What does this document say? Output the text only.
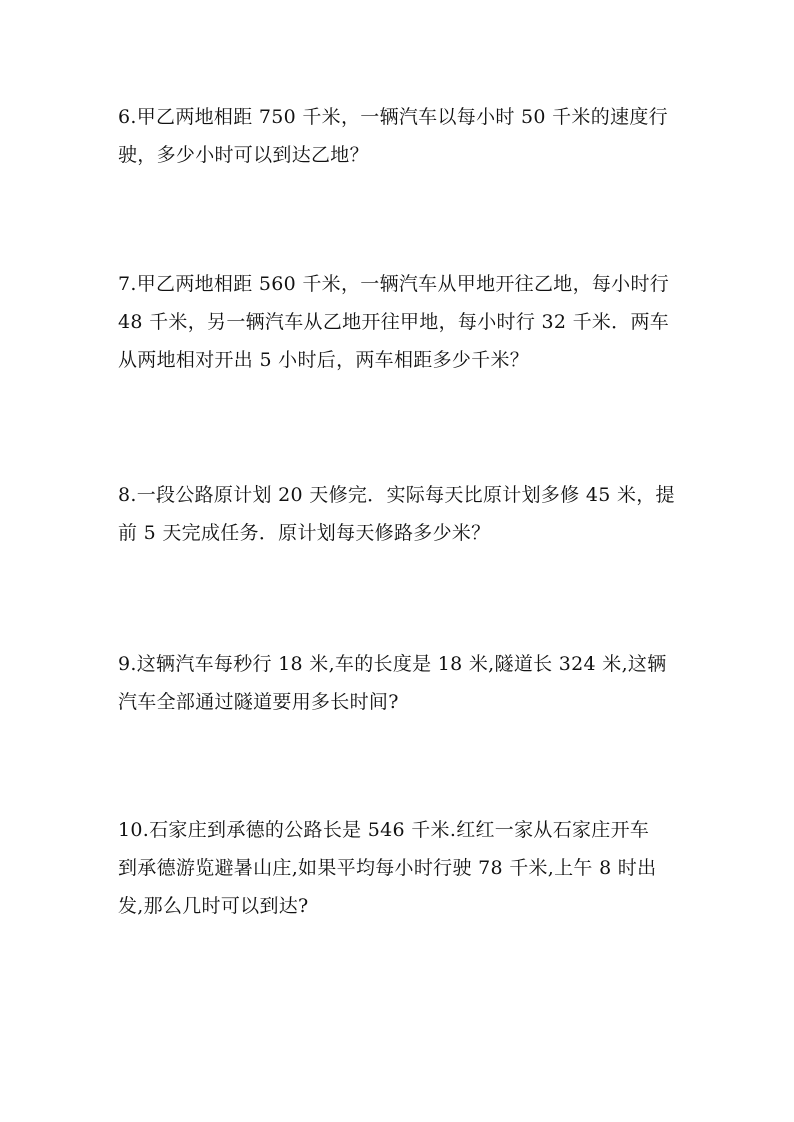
6.甲乙两地相距 750 千米，一辆汽车以每小时 50 千米的速度行
驶，多少小时可以到达乙地？

7.甲乙两地相距 560 千米，一辆汽车从甲地开往乙地，每小时行
48 千米，另一辆汽车从乙地开往甲地，每小时行 32 千米．两车
从两地相对开出 5 小时后，两车相距多少千米？

8.一段公路原计划 20 天修完．实际每天比原计划多修 45 米，提
前 5 天完成任务．原计划每天修路多少米？

9.这辆汽车每秒行 18 米,车的长度是 18 米,隧道长 324 米,这辆
汽车全部通过隧道要用多长时间?

10.石家庄到承德的公路长是 546 千米.红红一家从石家庄开车
到承德游览避暑山庄,如果平均每小时行驶 78 千米,上午 8 时出
发,那么几时可以到达?
